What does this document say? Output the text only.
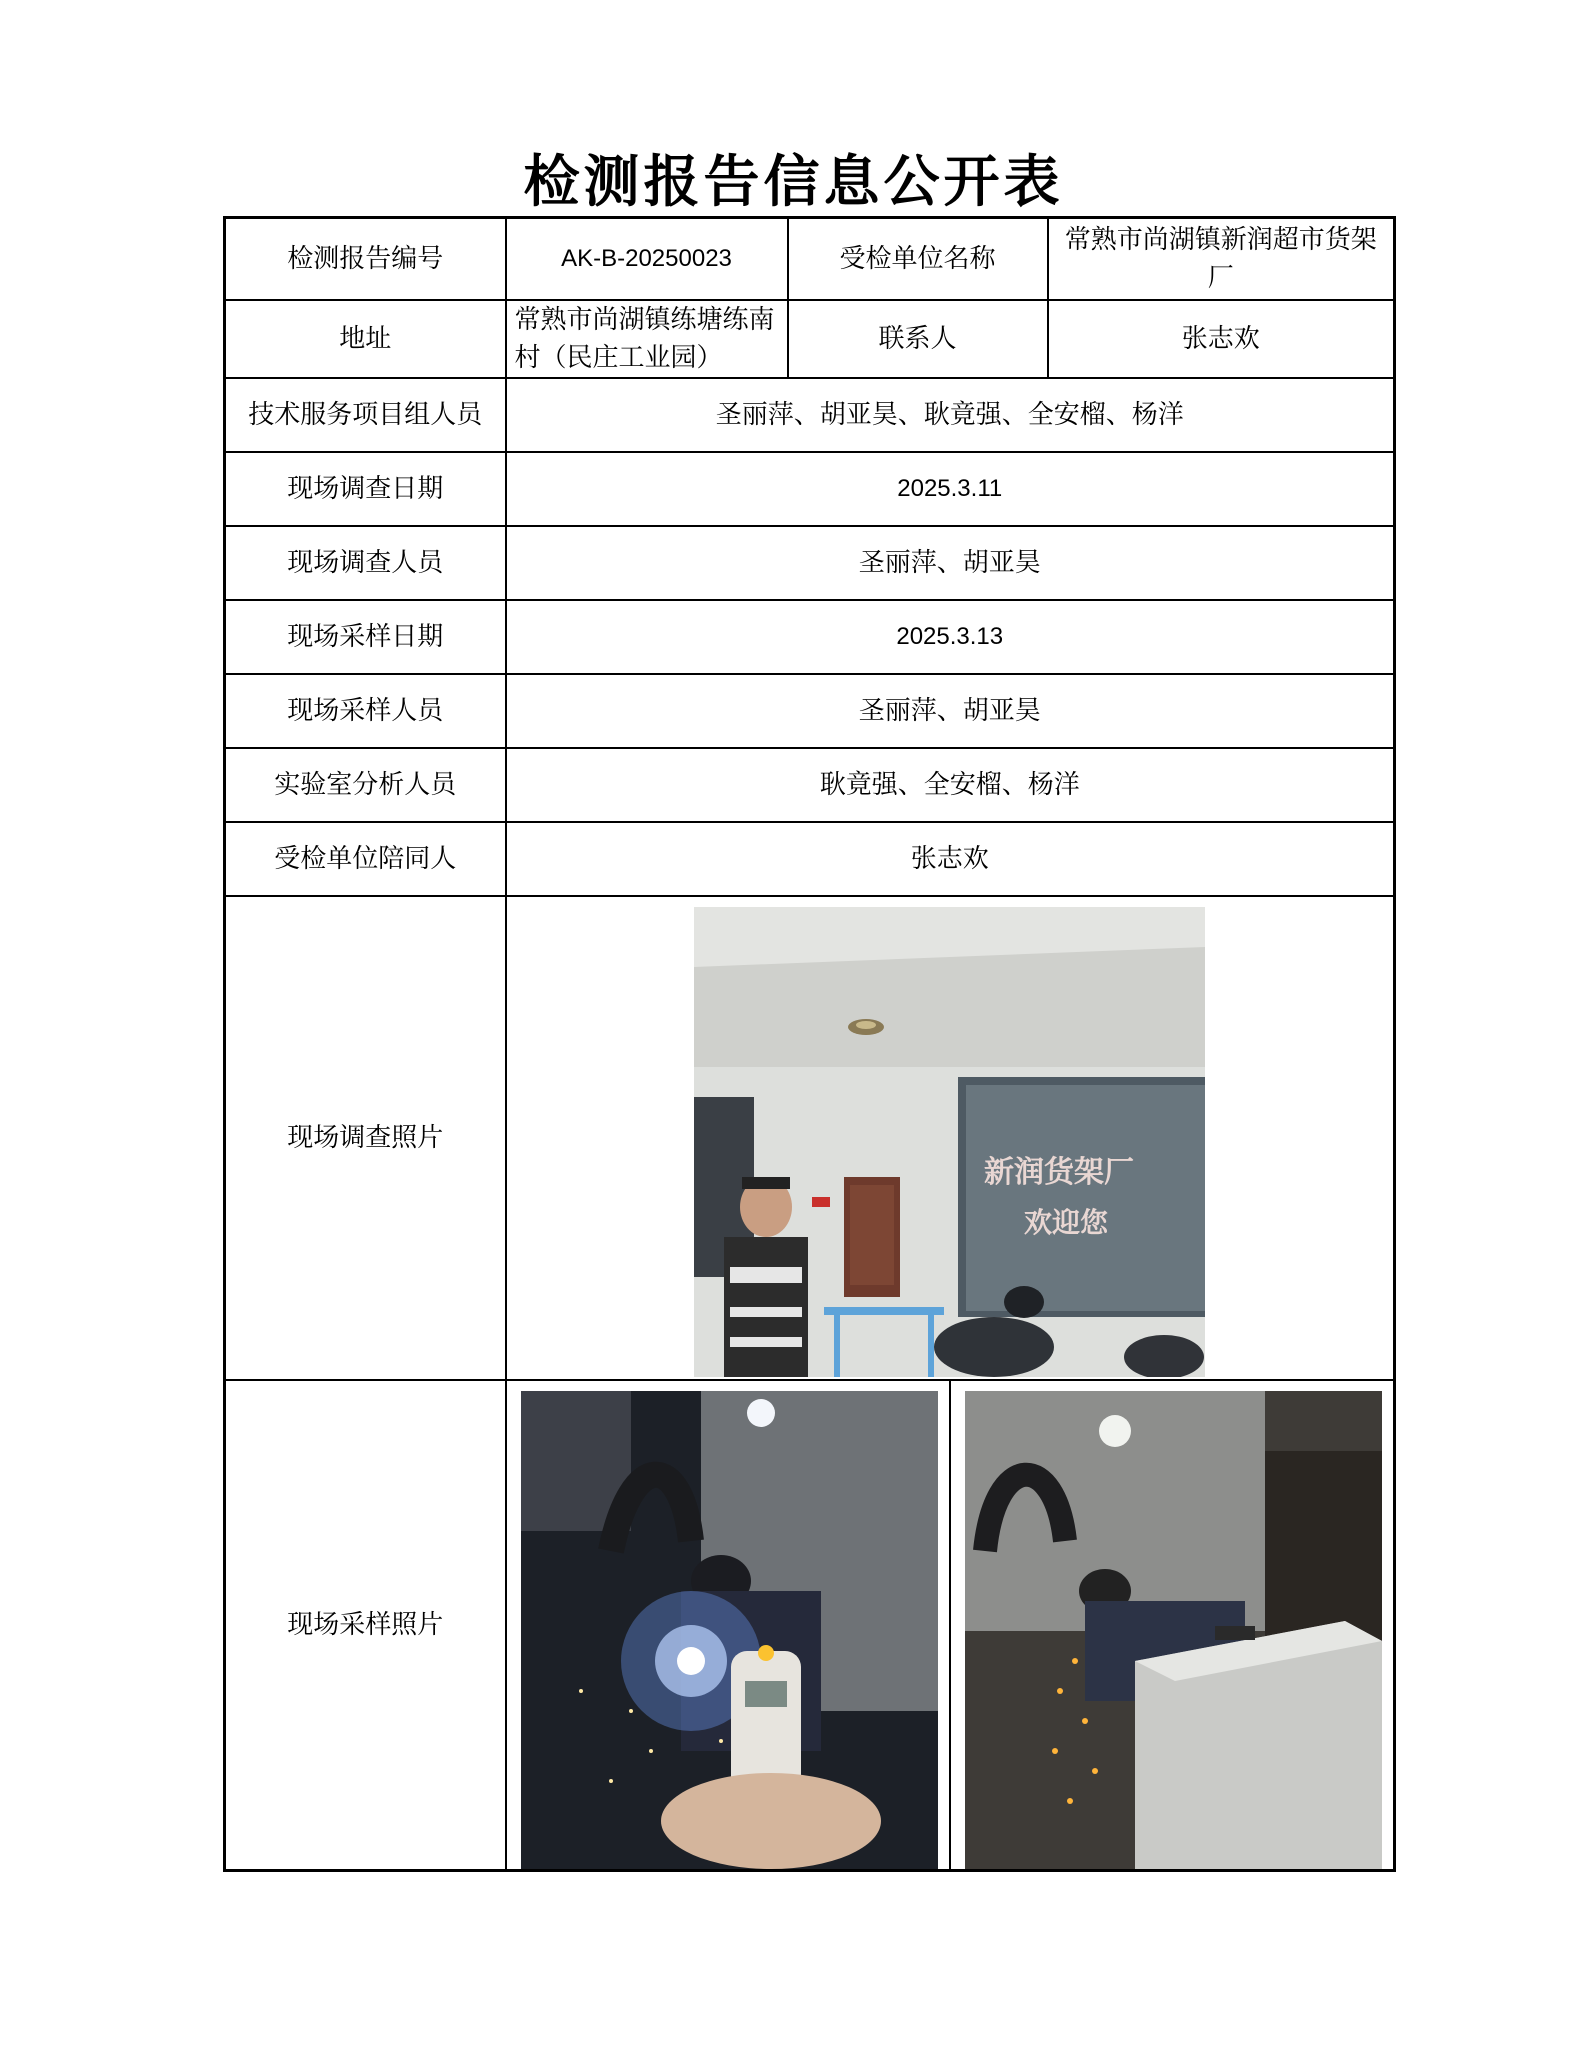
检测报告信息公开表
检测报告编号	AK-B-20250023	受检单位名称	常熟市尚湖镇新润超市货架厂
地址	常熟市尚湖镇练塘练南村（民庄工业园）	联系人	张志欢
技术服务项目组人员	圣丽萍、胡亚昊、耿竟强、全安榴、杨洋		
现场调查日期	2025.3.11		
现场调查人员	圣丽萍、胡亚昊		
现场采样日期	2025.3.13		
现场采样人员	圣丽萍、胡亚昊		
实验室分析人员	耿竟强、全安榴、杨洋		
受检单位陪同人	张志欢		
现场调查照片	新润货架厂
欢迎您		

现场采样照片	
